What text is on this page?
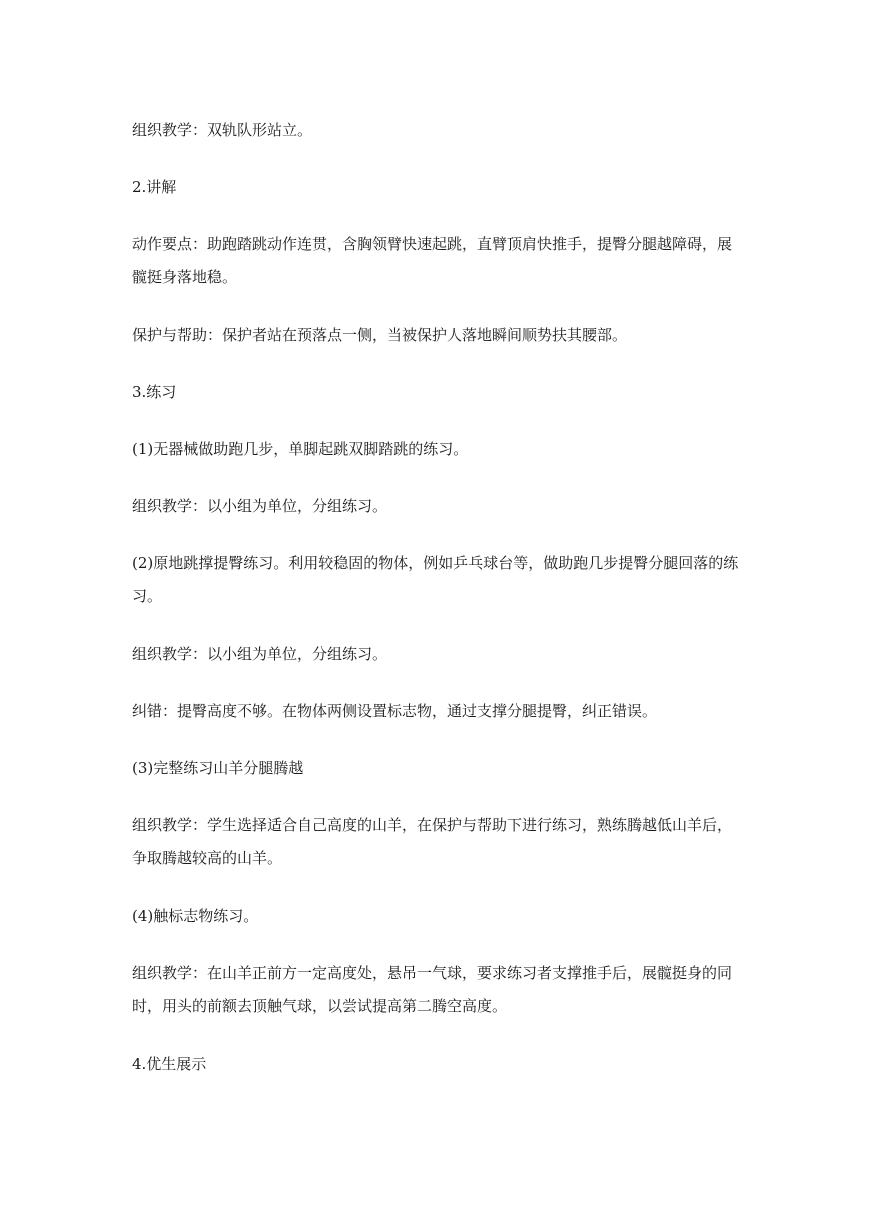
组织教学：双轨队形站立。

2.讲解

动作要点：助跑踏跳动作连贯，含胸领臂快速起跳，直臂顶肩快推手，提臀分腿越障碍，展髋挺身落地稳。

保护与帮助：保护者站在预落点一侧，当被保护人落地瞬间顺势扶其腰部。

3.练习

(1)无器械做助跑几步，单脚起跳双脚踏跳的练习。

组织教学：以小组为单位，分组练习。

(2)原地跳撑提臀练习。利用较稳固的物体，例如乒乓球台等，做助跑几步提臀分腿回落的练习。

组织教学：以小组为单位，分组练习。

纠错：提臀高度不够。在物体两侧设置标志物，通过支撑分腿提臀，纠正错误。

(3)完整练习山羊分腿腾越

组织教学：学生选择适合自己高度的山羊，在保护与帮助下进行练习，熟练腾越低山羊后，争取腾越较高的山羊。

(4)触标志物练习。

组织教学：在山羊正前方一定高度处，悬吊一气球，要求练习者支撑推手后，展髋挺身的同时，用头的前额去顶触气球，以尝试提高第二腾空高度。

4.优生展示
